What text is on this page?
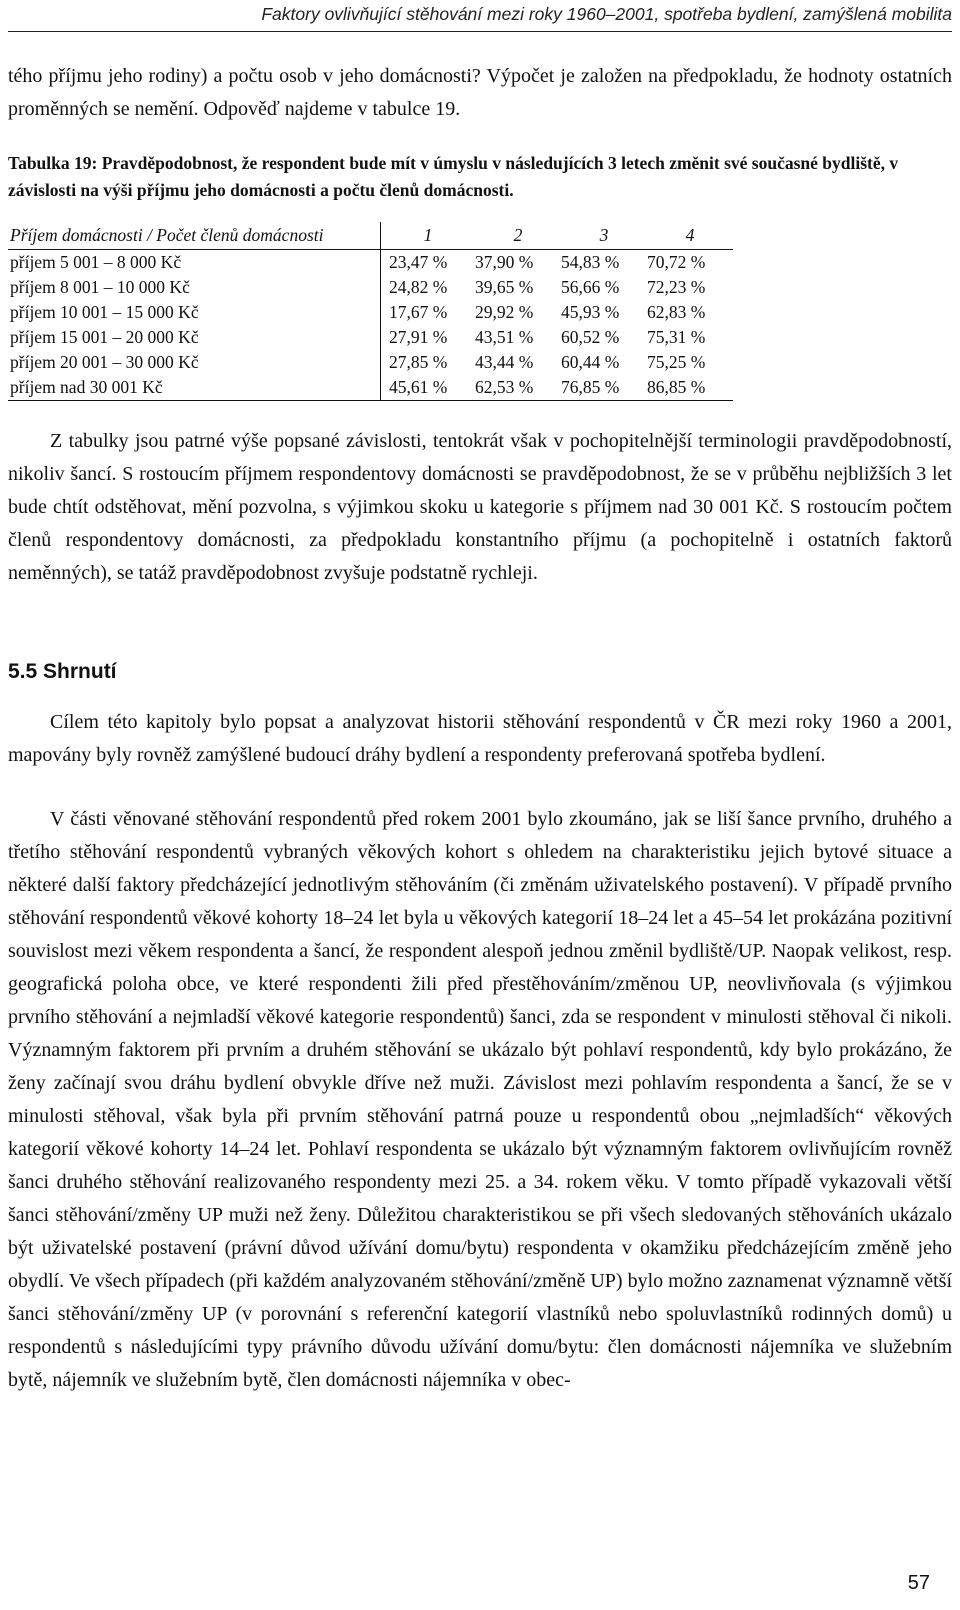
Faktory ovlivňující stěhování mezi roky 1960–2001, spotřeba bydlení, zamýšlená mobilita

tého příjmu jeho rodiny) a počtu osob v jeho domácnosti? Výpočet je založen na předpokladu, že hodnoty ostatních proměnných se nemění. Odpověď najdeme v tabulce 19.

Tabulka 19: Pravděpodobnost, že respondent bude mít v úmyslu v následujících 3 letech změnit své současné bydliště, v závislosti na výši příjmu jeho domácnosti a počtu členů domácnosti.

Příjem domácnosti / Počet členů domácnosti	1	2	3	4
příjem 5 001 – 8 000 Kč	23,47 %	37,90 %	54,83 %	70,72 %
příjem 8 001 – 10 000 Kč	24,82 %	39,65 %	56,66 %	72,23 %
příjem 10 001 – 15 000 Kč	17,67 %	29,92 %	45,93 %	62,83 %
příjem 15 001 – 20 000 Kč	27,91 %	43,51 %	60,52 %	75,31 %
příjem 20 001 – 30 000 Kč	27,85 %	43,44 %	60,44 %	75,25 %
příjem nad 30 001 Kč	45,61 %	62,53 %	76,85 %	86,85 %

Z tabulky jsou patrné výše popsané závislosti, tentokrát však v pochopitelnější terminologii pravděpodobností, nikoliv šancí. S rostoucím příjmem respondentovy domácnosti se pravděpodobnost, že se v průběhu nejbližších 3 let bude chtít odstěhovat, mění pozvolna, s výjimkou skoku u kategorie s příjmem nad 30 001 Kč. S rostoucím počtem členů respondentovy domácnosti, za předpokladu konstantního příjmu (a pochopitelně i ostatních faktorů neměnných), se tatáž pravděpodobnost zvyšuje podstatně rychleji.

5.5 Shrnutí

Cílem této kapitoly bylo popsat a analyzovat historii stěhování respondentů v ČR mezi roky 1960 a 2001, mapovány byly rovněž zamýšlené budoucí dráhy bydlení a respondenty preferovaná spotřeba bydlení.

V části věnované stěhování respondentů před rokem 2001 bylo zkoumáno, jak se liší šance prvního, druhého a třetího stěhování respondentů vybraných věkových kohort s ohledem na charakteristiku jejich bytové situace a některé další faktory předcházející jednotlivým stěhováním (či změnám uživatelského postavení). V případě prvního stěhování respondentů věkové kohorty 18–24 let byla u věkových kategorií 18–24 let a 45–54 let prokázána pozitivní souvislost mezi věkem respondenta a šancí, že respondent alespoň jednou změnil bydliště/UP. Naopak velikost, resp. geografická poloha obce, ve které respondenti žili před přestěhováním/změnou UP, neovlivňovala (s výjimkou prvního stěhování a nejmladší věkové kategorie respondentů) šanci, zda se respondent v minulosti stěhoval či nikoli. Významným faktorem při prvním a druhém stěhování se ukázalo být pohlaví respondentů, kdy bylo prokázáno, že ženy začínají svou dráhu bydlení obvykle dříve než muži. Závislost mezi pohlavím respondenta a šancí, že se v minulosti stěhoval, však byla při prvním stěhování patrná pouze u respondentů obou „nejmladších“ věkových kategorií věkové kohorty 14–24 let. Pohlaví respondenta se ukázalo být významným faktorem ovlivňujícím rovněž šanci druhého stěhování realizovaného respondenty mezi 25. a 34. rokem věku. V tomto případě vykazovali větší šanci stěhování/změny UP muži než ženy. Důležitou charakteristikou se při všech sledovaných stěhováních ukázalo být uživatelské postavení (právní důvod užívání domu/bytu) respondenta v okamžiku předcházejícím změně jeho obydlí. Ve všech případech (při každém analyzovaném stěhování/změně UP) bylo možno zaznamenat významně větší šanci stěhování/změny UP (v porovnání s referenční kategorií vlastníků nebo spoluvlastníků rodinných domů) u respondentů s následujícími typy právního důvodu užívání domu/bytu: člen domácnosti nájemníka ve služebním bytě, nájemník ve služebním bytě, člen domácnosti nájemníka v obec-

57
